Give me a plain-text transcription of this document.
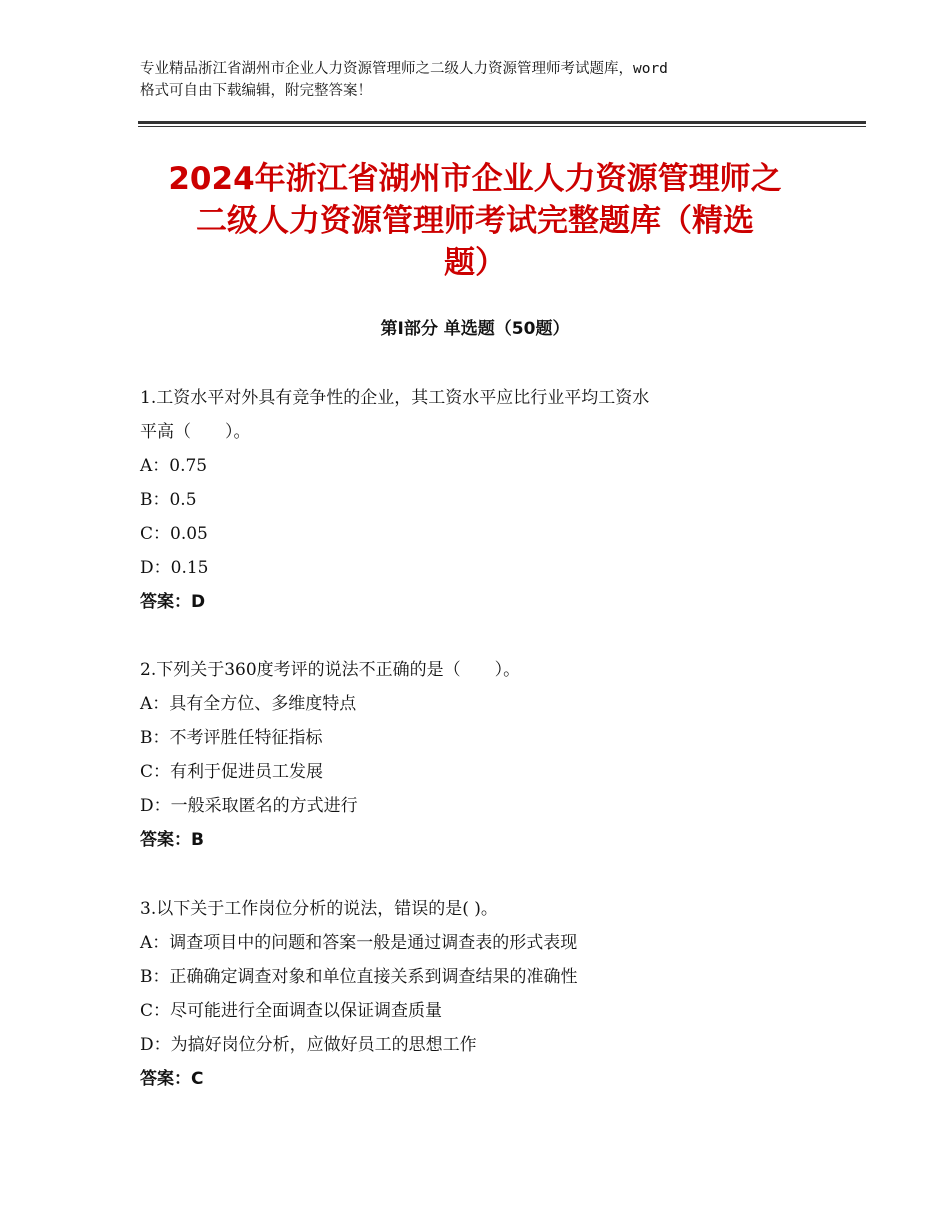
专业精品浙江省湖州市企业人力资源管理师之二级人力资源管理师考试题库，word
格式可自由下载编辑，附完整答案！
2024年浙江省湖州市企业人力资源管理师之
二级人力资源管理师考试完整题库（精选
题）
第Ⅰ部分 单选题（50题）
1.工资水平对外具有竞争性的企业，其工资水平应比行业平均工资水
平高（　　）。
A：0.75
B：0.5
C：0.05
D：0.15
答案：D
2.下列关于360度考评的说法不正确的是（　　）。
A：具有全方位、多维度特点
B：不考评胜任特征指标
C：有利于促进员工发展
D：一般采取匿名的方式进行
答案：B
3.以下关于工作岗位分析的说法，错误的是( )。
A：调查项目中的问题和答案一般是通过调查表的形式表现
B：正确确定调查对象和单位直接关系到调查结果的准确性
C：尽可能进行全面调查以保证调查质量
D：为搞好岗位分析，应做好员工的思想工作
答案：C
